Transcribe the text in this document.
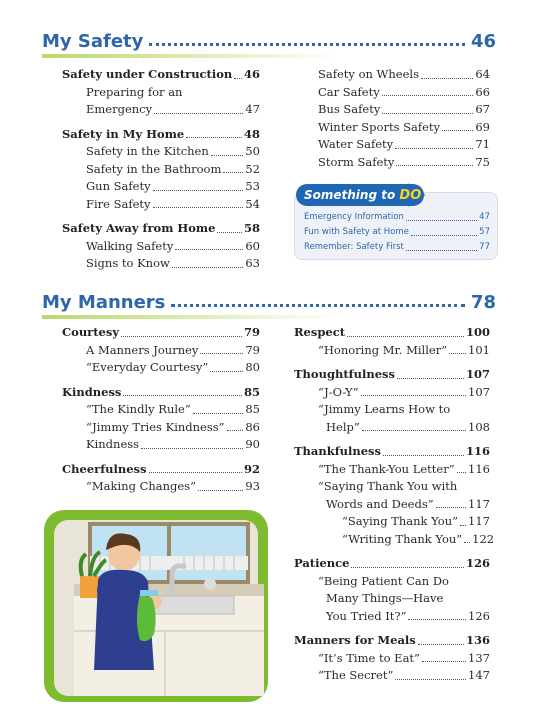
My Safety	46
Safety under Construction 46
Preparing for an
Emergency	47
Safety in My Home	48
Safety in the Kitchen	50
Safety in the Bathroom 52
Gun Safety	53
Fire Safety	54
Safety Away from Home 58
Walking Safety	60
Signs to Know	63
Safety on Wheels	64
Car Safety	66
Bus Safety	67
Winter Sports Safety	69
Water Safety	71
Storm Safety	75
Something to DO
Emergency Information	47
Fun with Safety at Home	57
Remember: Safety First	77
My Manners	78
Courtesy	79
A Manners Journey	79
“Everyday Courtesy”	80
Kindness	85
“The Kindly Rule”	85
“Jimmy Tries Kindness” 86
Kindness	90
Cheerfulness	92
“Making Changes”	93
Respect	100
“Honoring Mr. Miller” 101
Thoughtfulness	107
“J-O-Y”	107
“Jimmy Learns How to
Help”	108
Thankfulness	116
“The Thank-You Letter” 116
“Saying Thank You with
Words and Deeds”	117
“Saying Thank You” 117
“Writing Thank You” 122
Patience	126
“Being Patient Can Do
Many Things—Have
You Tried It?”	126
Manners for Meals	136
“It’s Time to Eat”	137
“The Secret”	147
